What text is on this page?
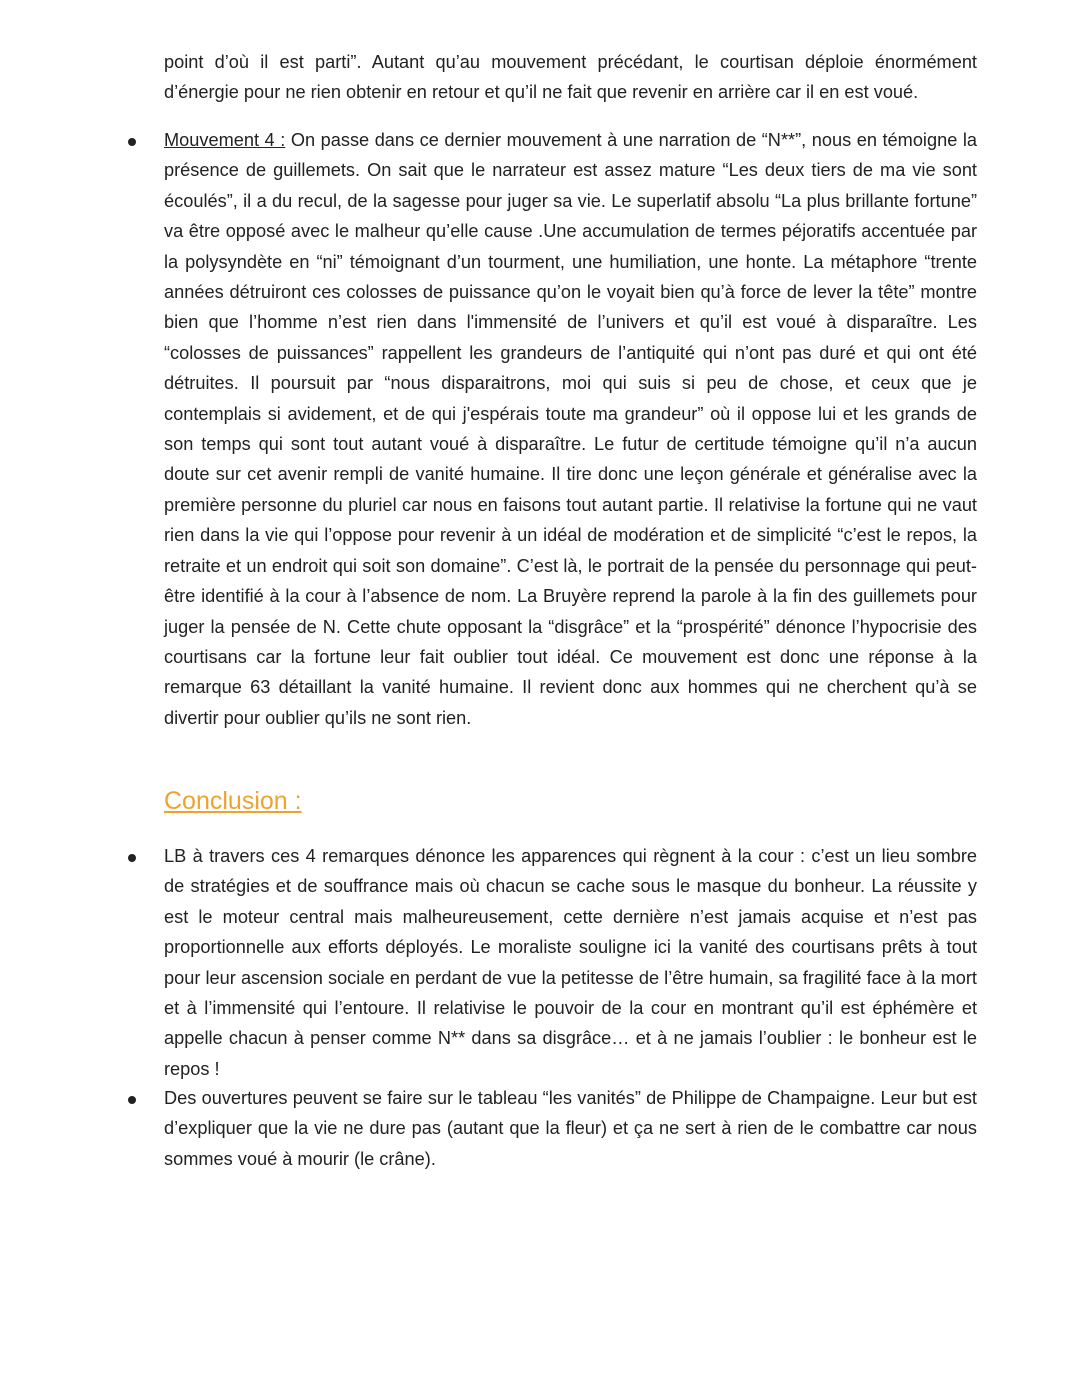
point d’où il est parti”. Autant qu’au mouvement précédant, le courtisan déploie énormément d’énergie pour ne rien obtenir en retour et qu’il ne fait que revenir en arrière car il en est voué.

Mouvement 4 : On passe dans ce dernier mouvement à une narration de “N**”, nous en témoigne la présence de guillemets. On sait que le narrateur est assez mature “Les deux tiers de ma vie sont écoulés”, il a du recul, de la sagesse pour juger sa vie. Le superlatif absolu “La plus brillante fortune” va être opposé avec le malheur qu’elle cause .Une accumulation de termes péjoratifs accentuée par la polysyndète en “ni” témoignant d’un tourment, une humiliation, une honte. La métaphore “trente années détruiront ces colosses de puissance qu’on le voyait bien qu’à force de lever la tête” montre bien que l’homme n’est rien dans l'immensité de l’univers et qu’il est voué à disparaître. Les “colosses de puissances” rappellent les grandeurs de l’antiquité qui n’ont pas duré et qui ont été détruites. Il poursuit par “nous disparaitrons, moi qui suis si peu de chose, et ceux que je contemplais si avidement, et de qui j'espérais toute ma grandeur” où il oppose lui et les grands de son temps qui sont tout autant voué à disparaître. Le futur de certitude témoigne qu’il n’a aucun doute sur cet avenir rempli de vanité humaine. Il tire donc une leçon générale et généralise avec la première personne du pluriel car nous en faisons tout autant partie. Il relativise la fortune qui ne vaut rien dans la vie qui l’oppose pour revenir à un idéal de modération et de simplicité “c’est le repos, la retraite et un endroit qui soit son domaine”. C’est là, le portrait de la pensée du personnage qui peut-être identifié à la cour à l’absence de nom. La Bruyère reprend la parole à la fin des guillemets pour juger la pensée de N. Cette chute opposant la “disgrâce” et la “prospérité” dénonce l’hypocrisie des courtisans car la fortune leur fait oublier tout idéal. Ce mouvement est donc une réponse à la remarque 63 détaillant la vanité humaine. Il revient donc aux hommes qui ne cherchent qu’à se divertir pour oublier qu’ils ne sont rien.

Conclusion :

LB à travers ces 4 remarques dénonce les apparences qui règnent à la cour : c’est un lieu sombre de stratégies et de souffrance mais où chacun se cache sous le masque du bonheur. La réussite y est le moteur central mais malheureusement, cette dernière n’est jamais acquise et n’est pas proportionnelle aux efforts déployés. Le moraliste souligne ici la vanité des courtisans prêts à tout pour leur ascension sociale en perdant de vue la petitesse de l’être humain, sa fragilité face à la mort et à l’immensité qui l’entoure. Il relativise le pouvoir de la cour en montrant qu’il est éphémère et appelle chacun à penser comme N** dans sa disgrâce… et à ne jamais l’oublier : le bonheur est le repos !

Des ouvertures peuvent se faire sur le tableau “les vanités” de Philippe de Champaigne. Leur but est d’expliquer que la vie ne dure pas (autant que la fleur) et ça ne sert à rien de le combattre car nous sommes voué à mourir (le crâne).
